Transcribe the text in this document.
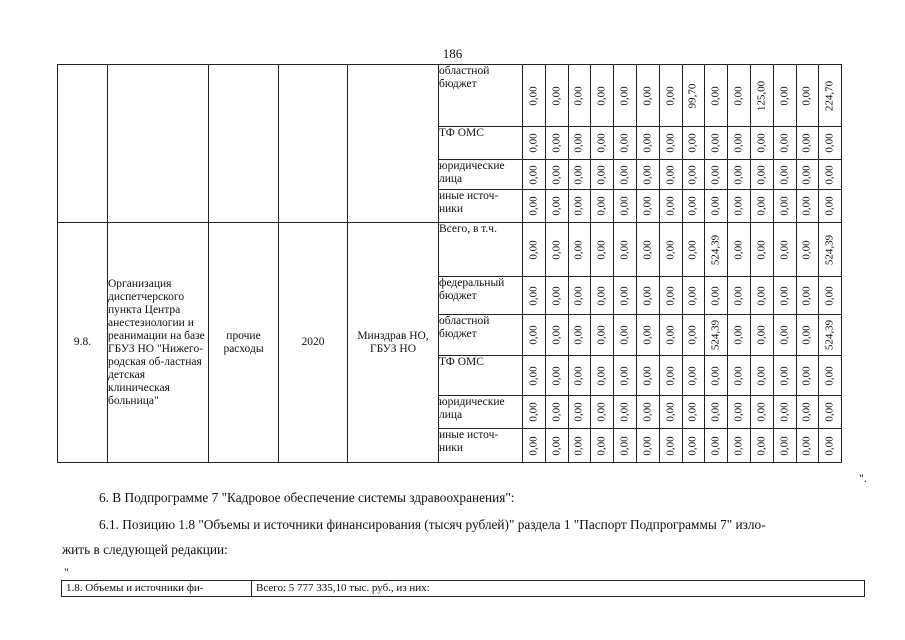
186
					областной бюджет	0,00	0,00	0,00	0,00	0,00	0,00	0,00	99,70	0,00	0,00	125,00	0,00	0,00	224,70

					ТФ ОМС	0,00	0,00	0,00	0,00	0,00	0,00	0,00	0,00	0,00	0,00	0,00	0,00	0,00	0,00

					юридические лица	0,00	0,00	0,00	0,00	0,00	0,00	0,00	0,00	0,00	0,00	0,00	0,00	0,00	0,00

					иные источ-ники	0,00	0,00	0,00	0,00	0,00	0,00	0,00	0,00	0,00	0,00	0,00	0,00	0,00	0,00

9.8.	Организация диспетчерского пункта Центра анестезиологии и реанимации на базе ГБУЗ НО "Нижего-родская об-ластная детская клиническая больница"	прочие расходы	2020	Минздрав НО, ГБУЗ НО	Всего, в т.ч.	0,00	0,00	0,00	0,00	0,00	0,00	0,00	0,00	524,39	0,00	0,00	0,00	0,00	524,39

					федеральный бюджет	0,00	0,00	0,00	0,00	0,00	0,00	0,00	0,00	0,00	0,00	0,00	0,00	0,00	0,00

					областной бюджет	0,00	0,00	0,00	0,00	0,00	0,00	0,00	0,00	524,39	0,00	0,00	0,00	0,00	524,39

					ТФ ОМС	0,00	0,00	0,00	0,00	0,00	0,00	0,00	0,00	0,00	0,00	0,00	0,00	0,00	0,00

					юридические лица	0,00	0,00	0,00	0,00	0,00	0,00	0,00	0,00	0,00	0,00	0,00	0,00	0,00	0,00

					иные источ-ники	0,00	0,00	0,00	0,00	0,00	0,00	0,00	0,00	0,00	0,00	0,00	0,00	0,00	0,00
".
6. В Подпрограмме 7 "Кадровое обеспечение системы здравоохранения":
6.1. Позицию 1.8 "Объемы и источники финансирования (тысяч рублей)" раздела 1 "Паспорт Подпрограммы 7" изло-
жить в следующей редакции:
"
1.8. Объемы и источники фи-	Всего: 5 777 335,10 тыс. руб., из них:
